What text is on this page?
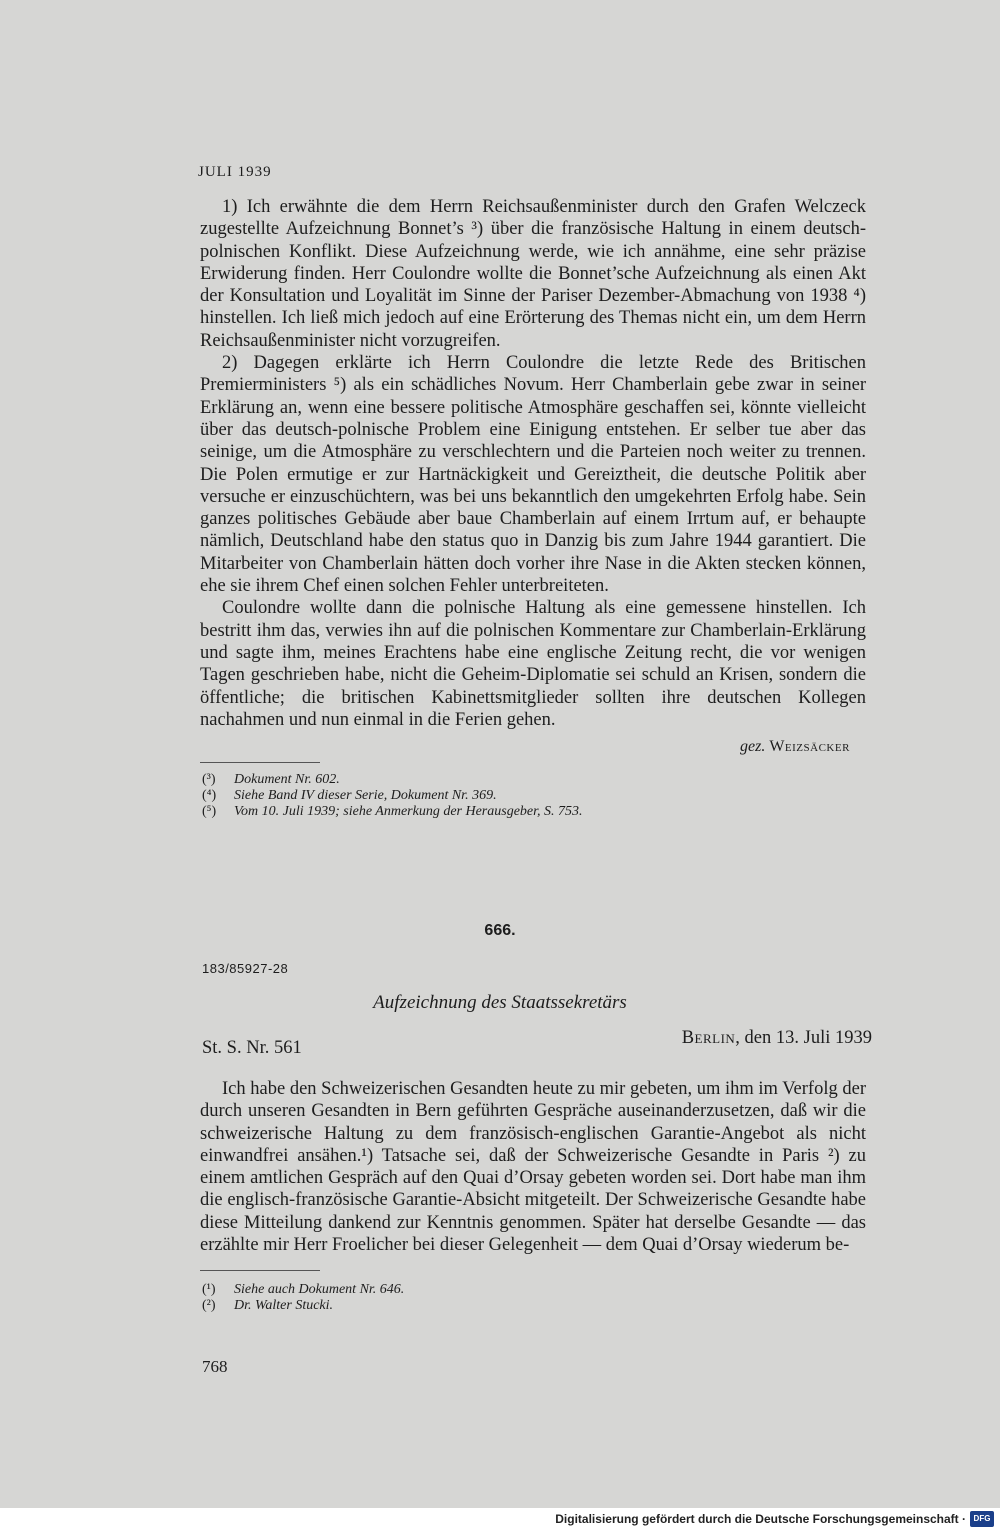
JULI 1939

1) Ich erwähnte die dem Herrn Reichsaußenminister durch den Grafen Welczeck zugestellte Aufzeichnung Bonnet’s ³) über die französische Haltung in einem deutsch-polnischen Konflikt. Diese Aufzeichnung werde, wie ich annähme, eine sehr präzise Erwiderung finden. Herr Coulondre wollte die Bonnet’sche Aufzeichnung als einen Akt der Konsultation und Loyalität im Sinne der Pariser Dezember-Abmachung von 1938 ⁴) hinstellen. Ich ließ mich jedoch auf eine Erörterung des Themas nicht ein, um dem Herrn Reichsaußenminister nicht vorzugreifen.

2) Dagegen erklärte ich Herrn Coulondre die letzte Rede des Britischen Premierministers ⁵) als ein schädliches Novum. Herr Chamberlain gebe zwar in seiner Erklärung an, wenn eine bessere politische Atmosphäre geschaffen sei, könnte vielleicht über das deutsch-polnische Problem eine Einigung entstehen. Er selber tue aber das seinige, um die Atmosphäre zu verschlechtern und die Parteien noch weiter zu trennen. Die Polen ermutige er zur Hartnäckigkeit und Gereiztheit, die deutsche Politik aber versuche er einzuschüchtern, was bei uns bekanntlich den umgekehrten Erfolg habe. Sein ganzes politisches Gebäude aber baue Chamberlain auf einem Irrtum auf, er behaupte nämlich, Deutschland habe den status quo in Danzig bis zum Jahre 1944 garantiert. Die Mitarbeiter von Chamberlain hätten doch vorher ihre Nase in die Akten stecken können, ehe sie ihrem Chef einen solchen Fehler unterbreiteten.

Coulondre wollte dann die polnische Haltung als eine gemessene hinstellen. Ich bestritt ihm das, verwies ihn auf die polnischen Kommentare zur Chamberlain-Erklärung und sagte ihm, meines Erachtens habe eine englische Zeitung recht, die vor wenigen Tagen geschrieben habe, nicht die Geheim-Diplomatie sei schuld an Krisen, sondern die öffentliche; die britischen Kabinettsmitglieder sollten ihre deutschen Kollegen nachahmen und nun einmal in die Ferien gehen.

gez. Weizsäcker
(³)	Dokument Nr. 602.
(⁴)	Siehe Band IV dieser Serie, Dokument Nr. 369.
(⁵)	Vom 10. Juli 1939; siehe Anmerkung der Herausgeber, S. 753.
666.
183/85927-28
Aufzeichnung des Staatssekretärs
St. S. Nr. 561	Berlin, den 13. Juli 1939

Ich habe den Schweizerischen Gesandten heute zu mir gebeten, um ihm im Verfolg der durch unseren Gesandten in Bern geführten Gespräche auseinanderzusetzen, daß wir die schweizerische Haltung zu dem französisch-englischen Garantie-Angebot als nicht einwandfrei ansähen.¹) Tatsache sei, daß der Schweizerische Gesandte in Paris ²) zu einem amtlichen Gespräch auf den Quai d’Orsay gebeten worden sei. Dort habe man ihm die englisch-französische Garantie-Absicht mitgeteilt. Der Schweizerische Gesandte habe diese Mitteilung dankend zur Kenntnis genommen. Später hat derselbe Gesandte — das erzählte mir Herr Froelicher bei dieser Gelegenheit — dem Quai d’Orsay wiederum be-

(¹)	Siehe auch Dokument Nr. 646.
(²)	Dr. Walter Stucki.
768
Digitalisierung gefördert durch die Deutsche Forschungsgemeinschaft · DFG
